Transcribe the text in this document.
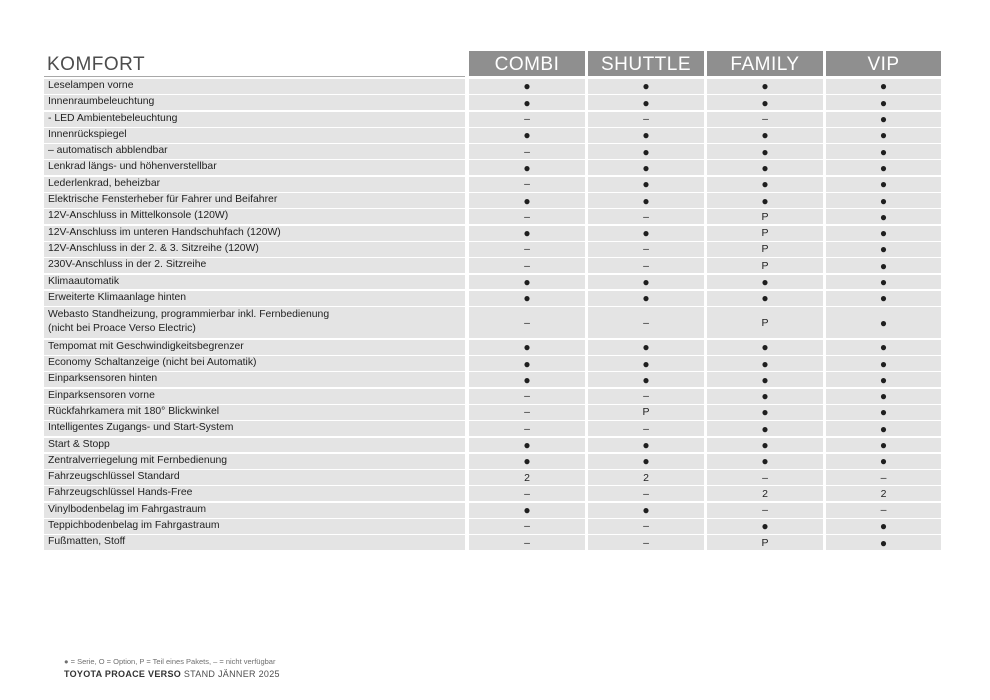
KOMFORT	COMBI	SHUTTLE	FAMILY	VIP
Leselampen vorne	●	●	●	●
Innenraumbeleuchtung	●	●	●	●
- LED Ambientebeleuchtung	–	–	–	●
Innenrückspiegel	●	●	●	●
– automatisch abblendbar	–	●	●	●
Lenkrad längs- und höhenverstellbar	●	●	●	●
Lederlenkrad, beheizbar	–	●	●	●
Elektrische Fensterheber für Fahrer und Beifahrer	●	●	●	●
12V-Anschluss in Mittelkonsole (120W)	–	–	P	●
12V-Anschluss im unteren Handschuhfach (120W)	●	●	P	●
12V-Anschluss in der 2. & 3. Sitzreihe (120W)	–	–	P	●
230V-Anschluss in der 2. Sitzreihe	–	–	P	●
Klimaautomatik	●	●	●	●
Erweiterte Klimaanlage hinten	●	●	●	●
Webasto Standheizung, programmierbar inkl. Fernbedienung
(nicht bei Proace Verso Electric)	–	–	P	●
Tempomat mit Geschwindigkeitsbegrenzer	●	●	●	●
Economy Schaltanzeige (nicht bei Automatik)	●	●	●	●
Einparksensoren hinten	●	●	●	●
Einparksensoren vorne	–	–	●	●
Rückfahrkamera mit 180° Blickwinkel	–	P	●	●
Intelligentes Zugangs- und Start-System	–	–	●	●
Start & Stopp	●	●	●	●
Zentralverriegelung mit Fernbedienung	●	●	●	●
Fahrzeugschlüssel Standard	2	2	–	–
Fahrzeugschlüssel Hands-Free	–	–	2	2
Vinylbodenbelag im Fahrgastraum	●	●	–	–
Teppichbodenbelag im Fahrgastraum	–	–	●	●
Fußmatten, Stoff	–	–	P	●
● = Serie, O = Option, P = Teil eines Pakets, – = nicht verfügbar
TOYOTA PROACE VERSO STAND JÄNNER 2025
